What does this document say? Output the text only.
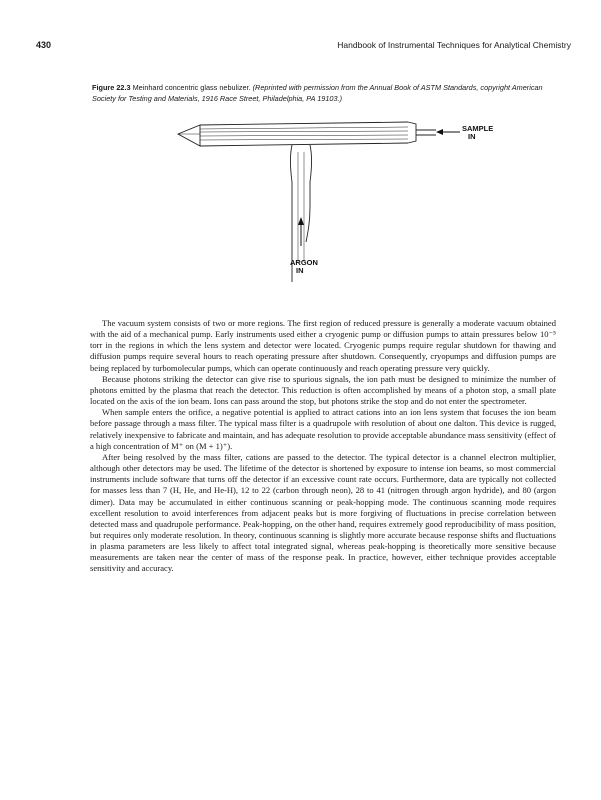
430	Handbook of Instrumental Techniques for Analytical Chemistry
Figure 22.3 Meinhard concentric glass nebulizer. (Reprinted with permission from the Annual Book of ASTM Standards, copyright American Society for Testing and Materials, 1916 Race Street, Philadelphia, PA 19103.)
SAMPLE
IN
ARGON
IN

The vacuum system consists of two or more regions. The first region of reduced pressure is generally a moderate vacuum obtained with the aid of a mechanical pump. Early instruments used either a cryogenic pump or diffusion pumps to attain pressures below 10⁻⁵ torr in the regions in which the lens system and detector were located. Cryogenic pumps require regular shutdown for thawing and diffusion pumps require several hours to reach operating pressure after shutdown. Consequently, cryopumps and diffusion pumps are being replaced by turbomolecular pumps, which can operate continuously and reach operating pressure very quickly.

Because photons striking the detector can give rise to spurious signals, the ion path must be designed to minimize the number of photons emitted by the plasma that reach the detector. This reduction is often accomplished by means of a photon stop, a small plate located on the axis of the ion beam. Ions can pass around the stop, but photons strike the stop and do not enter the spectrometer.

When sample enters the orifice, a negative potential is applied to attract cations into an ion lens system that focuses the ion beam before passage through a mass filter. The typical mass filter is a quadrupole with resolution of about one dalton. This device is rugged, relatively inexpensive to fabricate and maintain, and has adequate resolution to provide acceptable abundance mass sensitivity (effect of a high concentration of M⁺ on (M + 1)⁺).

After being resolved by the mass filter, cations are passed to the detector. The typical detector is a channel electron multiplier, although other detectors may be used. The lifetime of the detector is shortened by exposure to intense ion beams, so most commercial instruments include software that turns off the detector if an excessive count rate occurs. Furthermore, data are typically not collected for masses less than 7 (H, He, and He-H), 12 to 22 (carbon through neon), 28 to 41 (nitrogen through argon hydride), and 80 (argon dimer). Data may be accumulated in either continuous scanning or peak-hopping mode. The continuous scanning mode requires excellent resolution to avoid interferences from adjacent peaks but is more forgiving of fluctuations in precise correlation between detected mass and quadrupole performance. Peak-hopping, on the other hand, requires extremely good reproducibility of mass position, but requires only moderate resolution. In theory, continuous scanning is slightly more accurate because response shifts and fluctuations in plasma parameters are less likely to affect total integrated signal, whereas peak-hopping is theoretically more sensitive because measurements are taken near the center of mass of the response peak. In practice, however, either technique provides acceptable sensitivity and accuracy.
